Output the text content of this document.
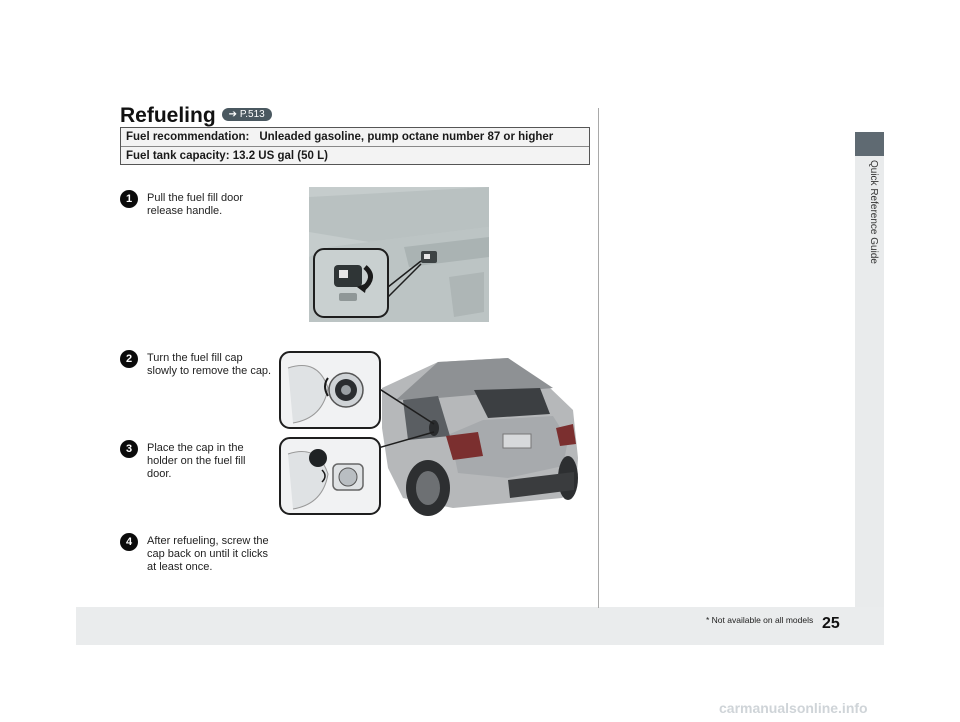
Quick Reference Guide
Refueling ➔ P.513
Fuel recommendation: Unleaded gasoline, pump octane number 87 or higher
Fuel tank capacity: 13.2 US gal (50 L)
1	Pull the fuel fill door release handle.
2	Turn the fuel fill cap slowly to remove the cap.
3	Place the cap in the holder on the fuel fill door.
4	After refueling, screw the cap back on until it clicks at least once.
* Not available on all models 25
carmanualsonline.info
